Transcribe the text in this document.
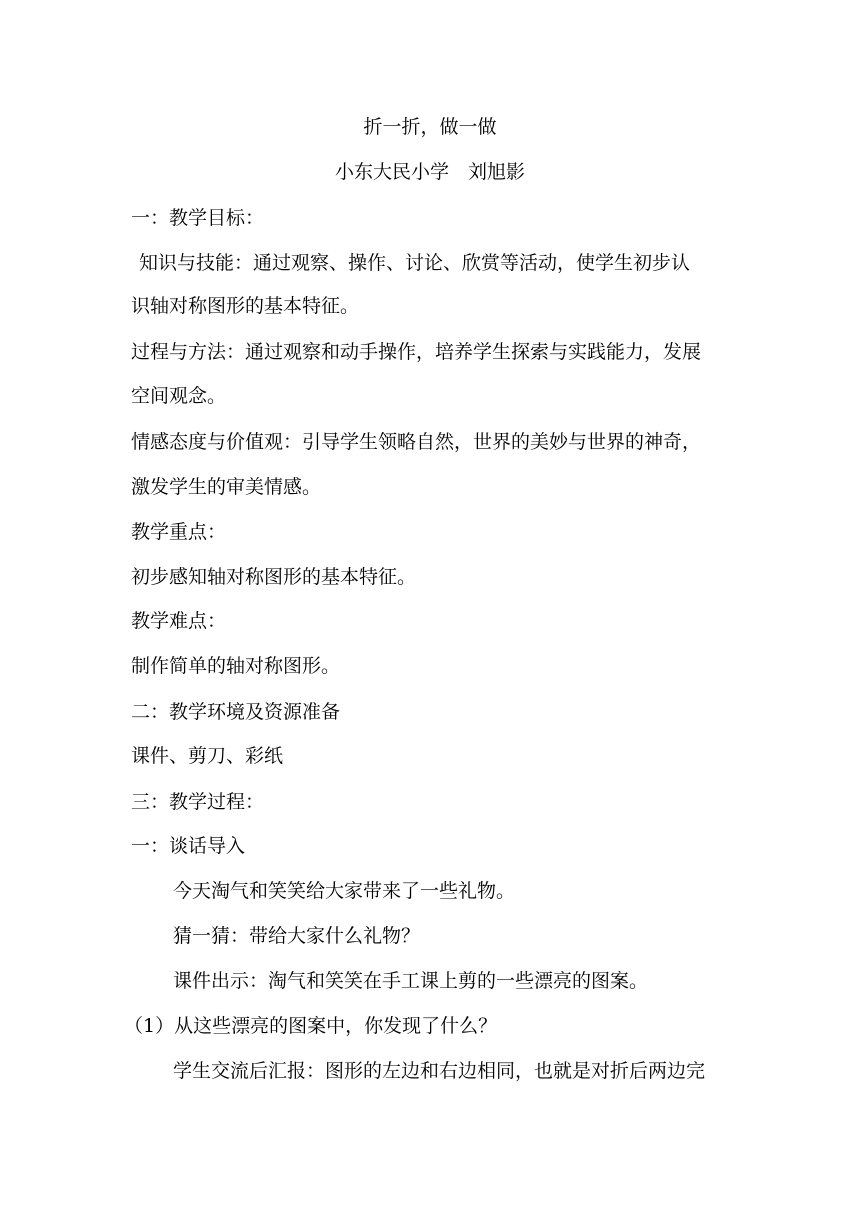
折一折，做一做
小东大民小学　刘旭影
一：教学目标：
知识与技能：通过观察、操作、讨论、欣赏等活动，使学生初步认
识轴对称图形的基本特征。
过程与方法：通过观察和动手操作，培养学生探索与实践能力，发展
空间观念。
情感态度与价值观：引导学生领略自然，世界的美妙与世界的神奇，
激发学生的审美情感。
教学重点：
初步感知轴对称图形的基本特征。
教学难点：
制作简单的轴对称图形。
二：教学环境及资源准备
课件、剪刀、彩纸
三：教学过程：
一：谈话导入
今天淘气和笑笑给大家带来了一些礼物。
猜一猜：带给大家什么礼物？
课件出示：淘气和笑笑在手工课上剪的一些漂亮的图案。
（1）从这些漂亮的图案中，你发现了什么？
学生交流后汇报：图形的左边和右边相同，也就是对折后两边完
